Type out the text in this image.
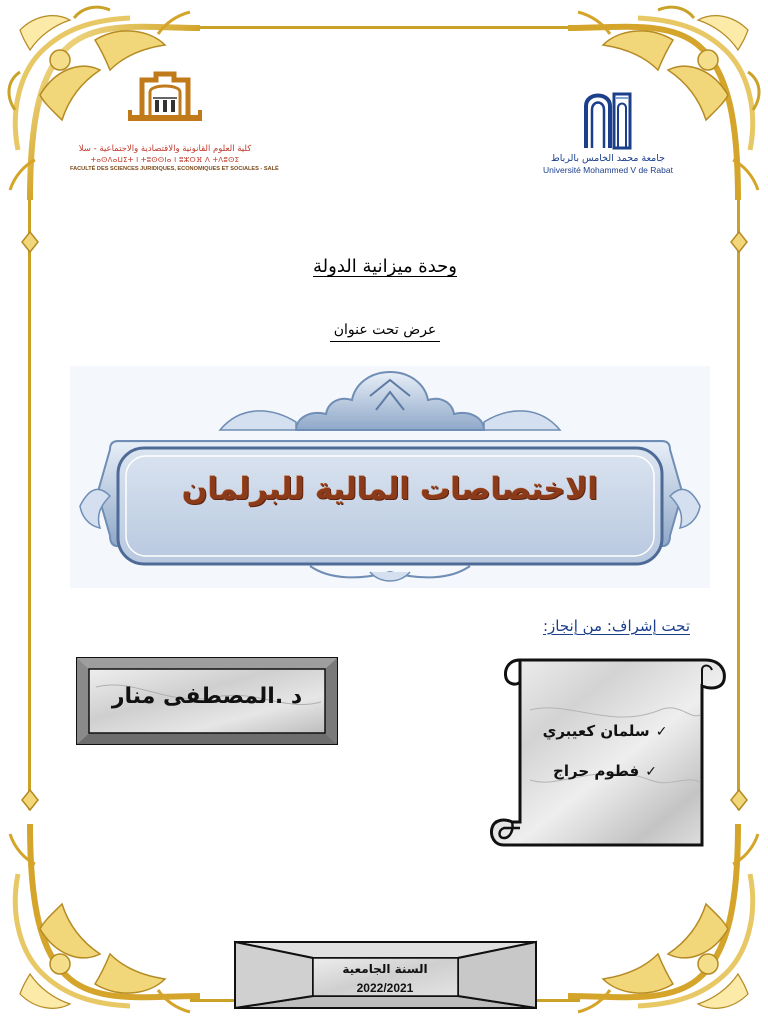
كلية العلوم القانونية والاقتصادية والاجتماعية - سلا
ⵜⴰⵙⴷⴰⵡⵉⵜ ⵏ ⵜⵓⵙⵙⵏⴰ ⵏ ⵓⵣⵔⴼ ⴷ ⵜⴷⵓⵙⵉ
FACULTÉ DES SCIENCES JURIDIQUES, ECONOMIQUES ET SOCIALES - SALÉ
جامعة محمد الخامس بالرباط
Université Mohammed V de Rabat
وحدة ميزانية الدولة
عرض تحت عنوان
الاختصاصات المالية للبرلمان
تحت إشراف: من إنجاز:
د .المصطفى منار
✓سلمان كعيبري
✓فطوم حراج
السنة الجامعية
2022/2021
